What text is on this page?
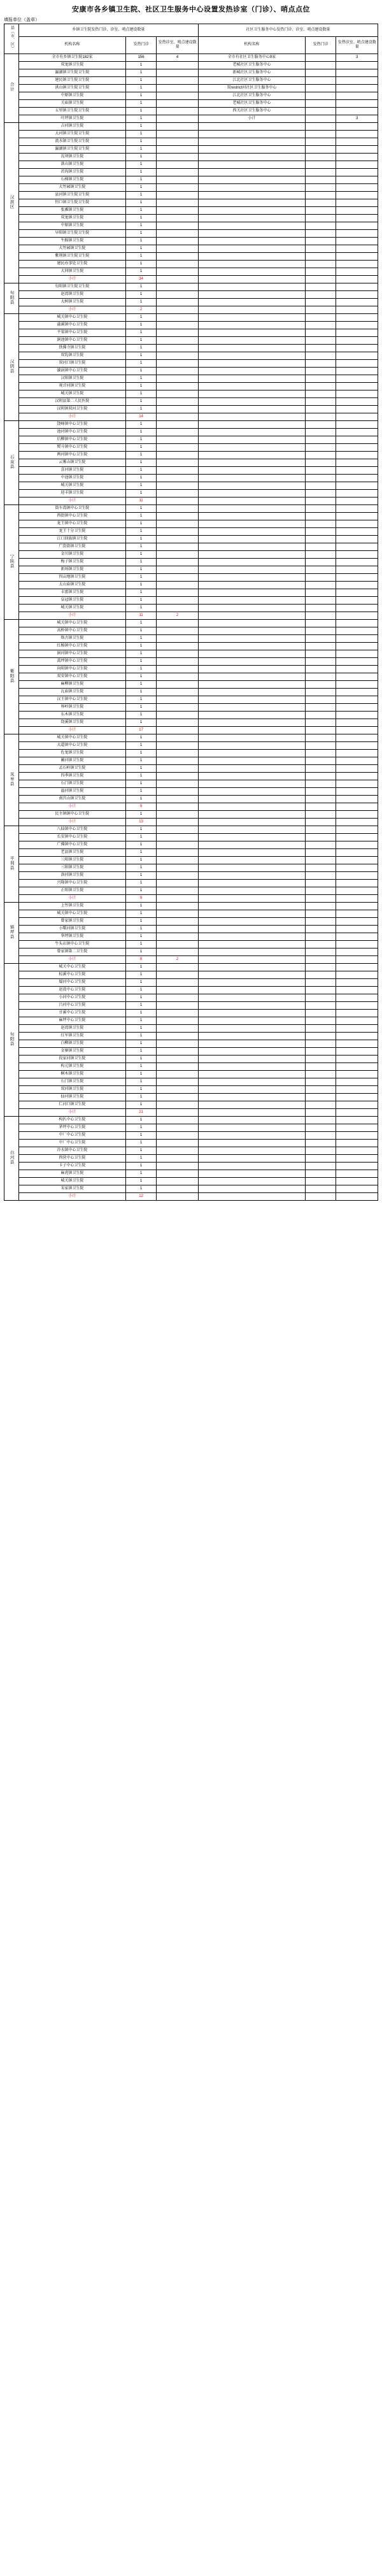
安康市各乡镇卫生院、社区卫生服务中心设置发热诊室（门诊）、哨点点位
填报单位（盖章）
县（市、区）	乡镇卫生院发热门诊、诊室、哨点建设数量			社区卫生服务中心发热门诊、诊室、哨点建设数量		
	机构名称	发热门诊	发热诊室、哨点建设数量	机构名称	发热门诊	发热诊室、哨点建设数量
合计	全市有乡镇卫生院182家	156	4	全市有社区卫生服务中心9家		3
	双龙镇卫生院	1		老城社区卫生服务中心		
	瀛湖镇卫生院卫生院	1		新城社区卫生服务中心		
	建民镇卫生院卫生院	1		江北社区卫生服务中心		
	洪山镇卫生院卫生院	1		双restrict河社区卫生服务中心		
	中原镇卫生院	1		江北社区卫生服务中心		
	关庙镇卫生院	1		老城社区卫生服务中心		
	五里镇卫生院卫生院	1		西关社区卫生服务中心		
	叶坪镇卫生院	1		小计		3
汉滨区	吉河镇卫生院	1				
	大河镇卫生院卫生院	1				
	流水镇卫生院卫生院	1				
	瀛湖镇卫生院卫生院	1				
	沈坝镇卫生院	1				
	洪山镇卫生院	1				
	茨沟镇卫生院	1				
	石梯镇卫生院	1				
	大竹园镇卫生院	1				
	县河镇卫生院卫生院	1				
	恒口镇卫生院卫生院	1				
	张滩镇卫生院	1				
	双龙镇卫生院	1				
	中原镇卫生院	1				
	早阳镇卫生院卫生院	1				
	牛蹄镇卫生院	1				
	大竹园镇卫生院	1				
	紫荆镇卫生院卫生院	1				
	建民办事处卫生院	1				
	大同镇卫生院	1				
	小计	34				
旬阳县	旬阳镇卫生院卫生院	1				
	赵湾镇卫生院	1				
	大树镇卫生院	1				
	小计	2				
汉阴县	城关镇中心卫生院	1				
	蒲溪镇中心卫生院	1				
	平梁镇中心卫生院	1				
	涧池镇中心卫生院	1				
	铁佛寺镇卫生院	1				
	双乳镇卫生院	1				
	双河口镇卫生院	1				
	漩涡镇中心卫生院	1				
	汉阳镇卫生院	1				
	观音河镇卫生院	1				
	城关镇卫生院	1				
	汉阴县第二人民医院	1				
	汉阴镇双河卫生院	1				
	小计	14				
石泉县	饶峰镇中心卫生院	1				
	池河镇中心卫生院	1				
	后柳镇中心卫生院	1				
	熨斗镇中心卫生院	1				
	两河镇中心卫生院	1				
	云雾山镇卫生院	1				
	喜河镇卫生院	1				
	中池镇卫生院	1				
	城关镇卫生院	1				
	迎丰镇卫生院	1				
	小计	11				
宁陕县	筒车湾镇中心卫生院	1				
	西街镇中心卫生院	1				
	龙王镇中心卫生院	1				
	龙王十分卫生院	1				
	江口回族镇卫生院	1				
	广货街镇卫生院	1				
	金川镇卫生院	1				
	梅子镇卫生院	1				
	新场镇卫生院	1				
	四亩地镇卫生院	1				
	太山庙镇卫生院	1				
	丰富镇卫生院	1				
	皇冠镇卫生院	1				
	城关镇卫生院	1				
	小计	11	2			
紫阳县	城关镇中心卫生院	1				
	高桥镇中心卫生院	1				
	焕古镇卫生院	1				
	红椿镇中心卫生院	1				
	洞河镇中心卫生院	1				
	蒿坪镇中心卫生院	1				
	向阳镇中心卫生院	1				
	双安镇中心卫生院	1				
	麻柳镇卫生院	1				
	瓦庙镇卫生院	1				
	汉王镇中心卫生院	1				
	界岭镇卫生院	1				
	东木镇卫生院	1				
	绕溪镇卫生院	1				
	小计	17				
岚皋县	城关镇中心卫生院	1				
	大道镇中心卫生院	1				
	佐龙镇卫生院	1				
	蔺河镇卫生院	1				
	孟石岭镇卫生院	1				
	四季镇卫生院	1				
	石门镇卫生院	1				
	溢河镇卫生院	1				
	南宫山镇卫生院	1				
	小计	9				
	民主镇镇中心卫生院	1				
	小计	13				
平利县	八仙镇中心卫生院	1				
	长安镇中心卫生院	1				
	广佛镇中心卫生院	1				
	老县镇卫生院	1				
	三阳镇卫生院	1				
	三阳镇卫生院	1				
	洛河镇卫生院	1				
	兴隆镇中心卫生院	1				
	正阳镇卫生院	1				
	小计	9				
镇坪县	上竹镇卫生院	1				
	城关镇中心卫生院	1				
	曾家镇卫生院	1				
	小曙河镇卫生院	1				
	华坪镇卫生院	1				
	牛头店镇中心卫生院	1				
	曾家镇第二卫生院	1				
	小计	8	2			
旬阳县	城关中心卫生院	1				
	棕溪中心卫生院	1				
	蜀河中心卫生院	1				
	赵湾中心卫生院	1				
	小河中心卫生院	1				
	吕河中心卫生院	1				
	甘溪中心卫生院	1				
	麻坪中心卫生院	1				
	赵湾镇卫生院	1				
	红军镇卫生院	1				
	白柳镇卫生院	1				
	金寨镇卫生院	1				
	段家河镇卫生院	1				
	构元镇卫生院	1				
	桐木镇卫生院	1				
	石门镇卫生院	1				
	双河镇卫生院	1				
	仙河镇卫生院	1				
	仁河口镇卫生院	1				
	小计	21				
白河县	构扒中心卫生院	1				
	茅坪中心卫生院	1				
	中厂中心卫生院	1				
	中厂中心卫生院	1				
	冷水镇中心卫生院	1				
	西营中心卫生院	1				
	卡子中心卫生院	1				
	麻虎镇卫生院	1				
	城关镇卫生院	1				
	宋家镇卫生院	1				
	小计	12				
